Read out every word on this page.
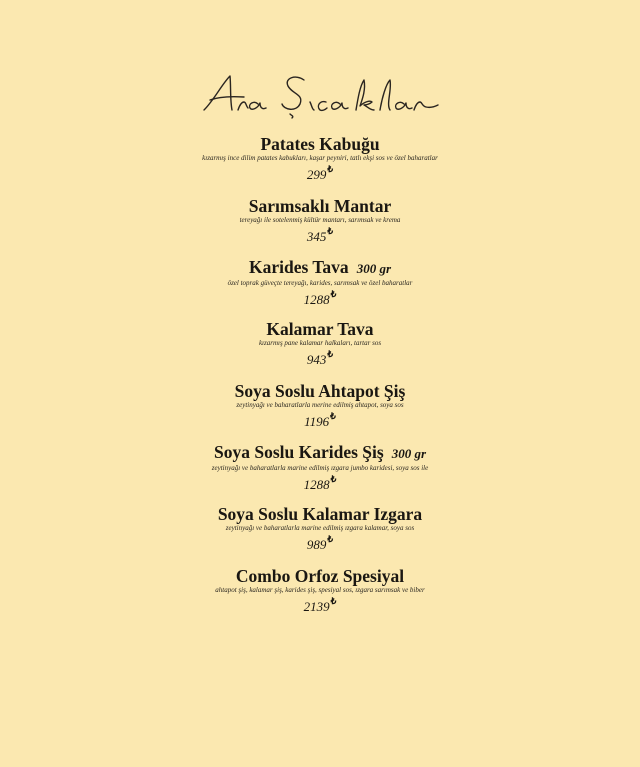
Patates Kabuğu
kızarmış ince dilim patates kabukları, kaşar peyniri, tatlı ekşi sos ve özel baharatlar
299₺
Sarımsaklı Mantar
tereyağı ile sotelenmiş kültür mantarı, sarımsak ve krema
345₺
Karides Tava 300 gr
özel toprak güveçte tereyağı, karides, sarımsak ve özel baharatlar
1288₺
Kalamar Tava
kızarmış pane kalamar halkaları, tartar sos
943₺
Soya Soslu Ahtapot Şiş
zeytinyağı ve baharatlarla merine edilmiş ahtapot, soya sos
1196₺
Soya Soslu Karides Şiş 300 gr
zeytinyağı ve baharatlarla marine edilmiş ızgara jumbo karidesi, soya sos ile
1288₺
Soya Soslu Kalamar Izgara
zeytinyağı ve baharatlarla marine edilmiş ızgara kalamar, soya sos
989₺
Combo Orfoz Spesiyal
ahtapot şiş, kalamar şiş, karides şiş, spesiyal sos, ızgara sarımsak ve biber
2139₺
